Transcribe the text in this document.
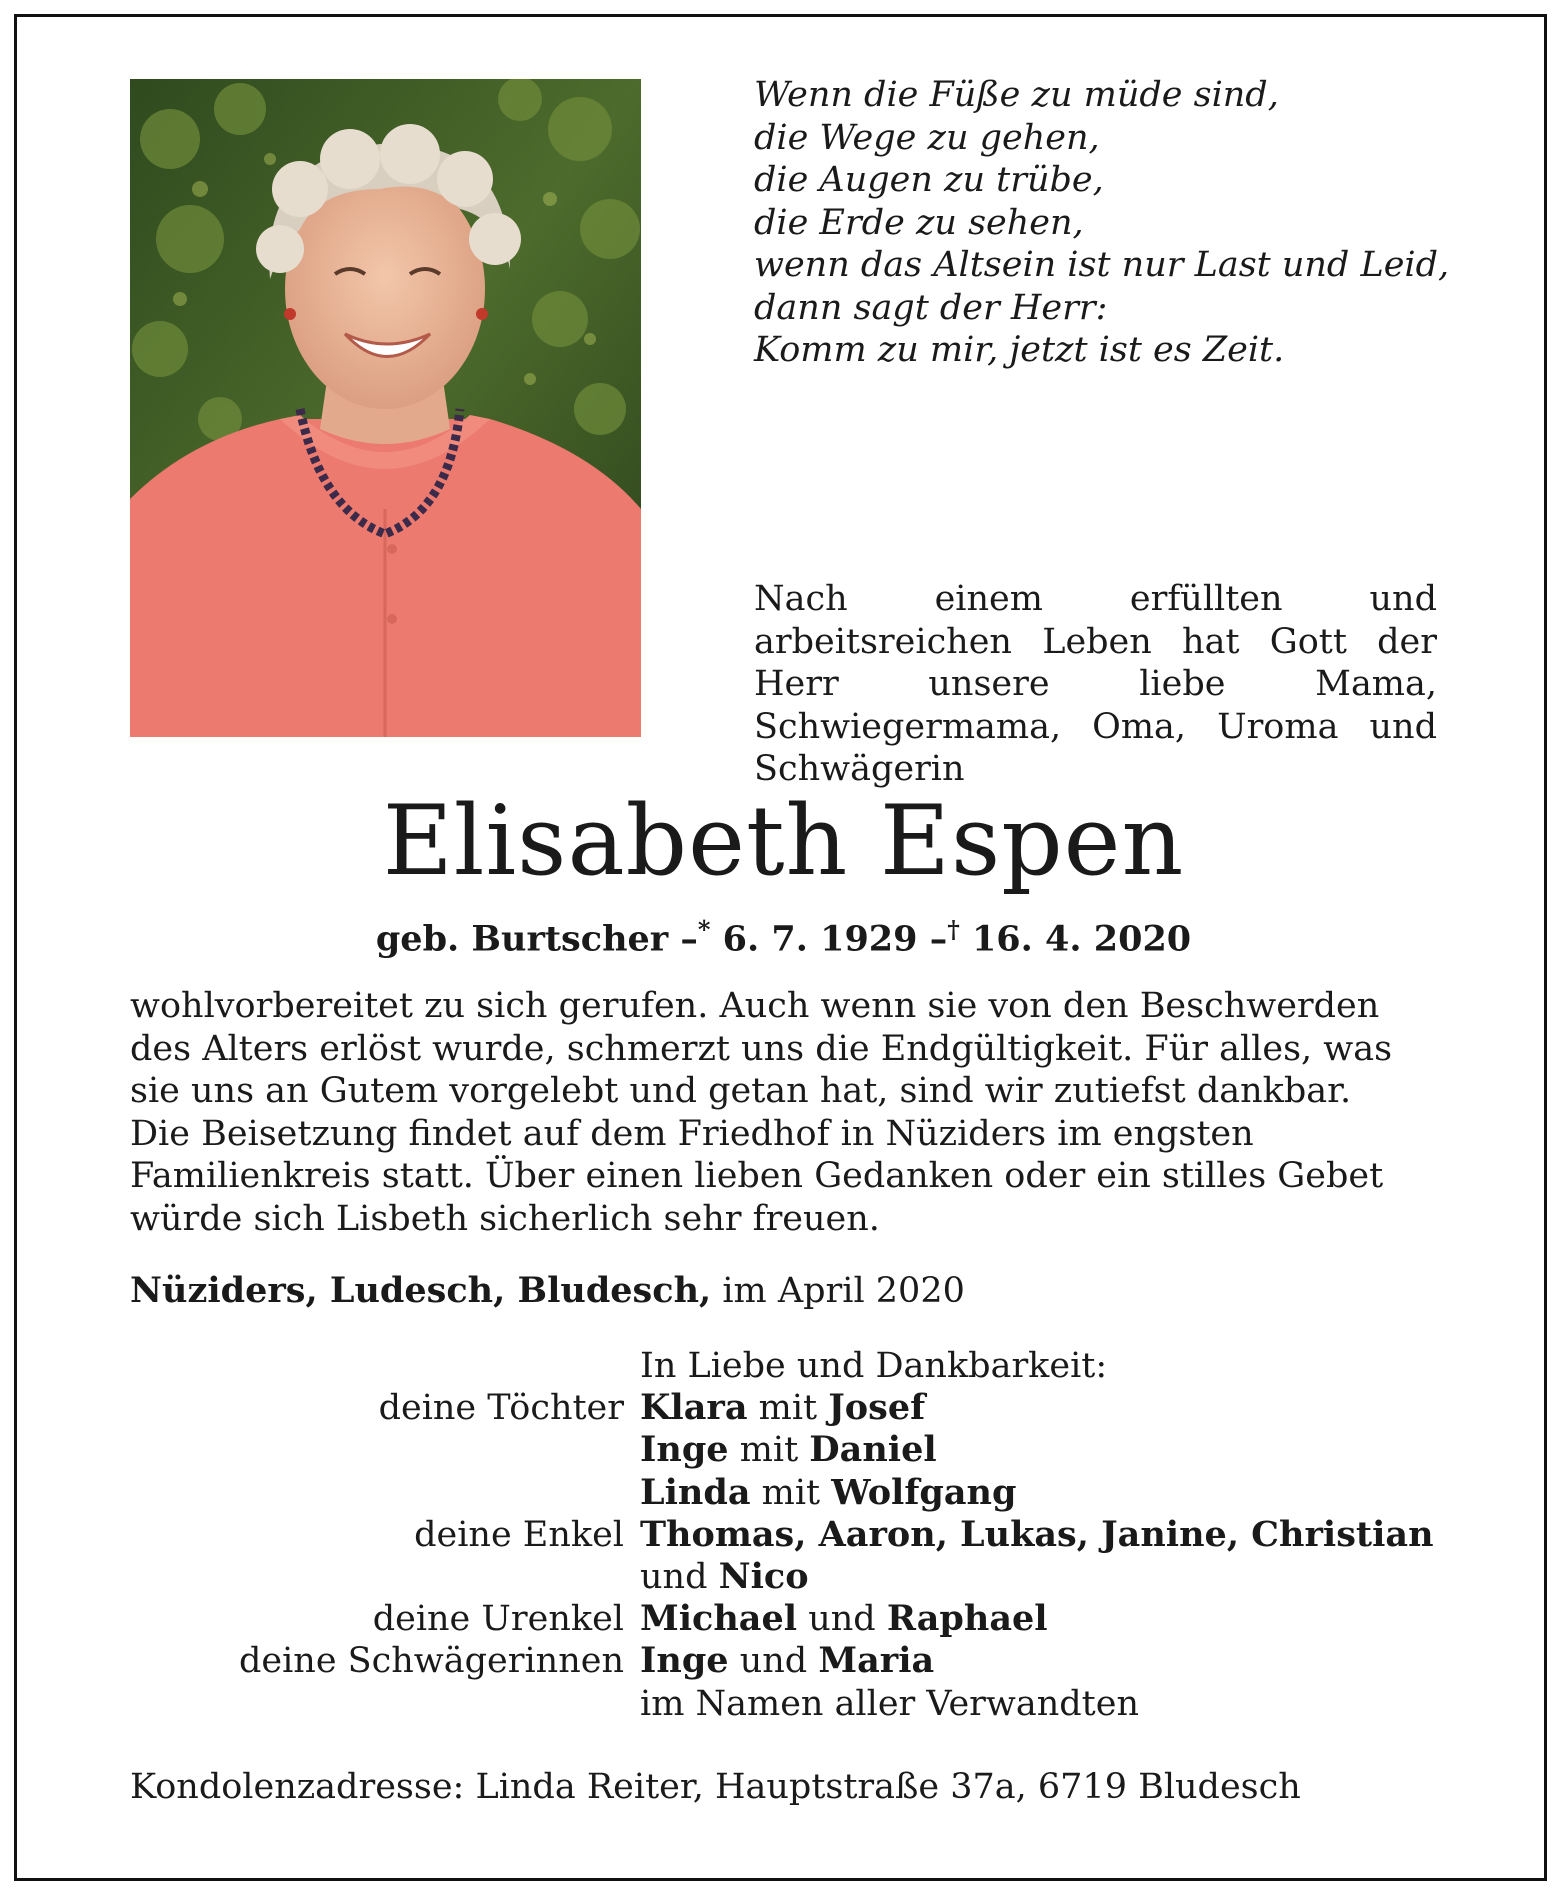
Wenn die Füße zu müde sind,
die Wege zu gehen,
die Augen zu trübe,
die Erde zu sehen,
wenn das Altsein ist nur Last und Leid,
dann sagt der Herr:
Komm zu mir, jetzt ist es Zeit.
Nach einem erfüllten und arbeitsreichen Leben hat Gott der Herr unsere liebe Mama, Schwiegermama, Oma, Uroma und Schwägerin
Elisabeth Espen
geb. Burtscher –* 6. 7. 1929 –† 16. 4. 2020

wohlvorbereitet zu sich gerufen. Auch wenn sie von den Beschwerden des Alters erlöst wurde, schmerzt uns die Endgültigkeit. Für alles, was sie uns an Gutem vorgelebt und getan hat, sind wir zutiefst dankbar.

Die Beisetzung findet auf dem Friedhof in Nüziders im engsten Familienkreis statt. Über einen lieben Gedanken oder ein stilles Gebet würde sich Lisbeth sicherlich sehr freuen.

Nüziders, Ludesch, Bludesch, im April 2020
In Liebe und Dankbarkeit:
deine Töchter Klara mit Josef
Inge mit Daniel
Linda mit Wolfgang
deine Enkel Thomas, Aaron, Lukas, Janine, Christian
und Nico
deine Urenkel Michael und Raphael
deine Schwägerinnen Inge und Maria
im Namen aller Verwandten
Kondolenzadresse: Linda Reiter, Hauptstraße 37a, 6719 Bludesch
